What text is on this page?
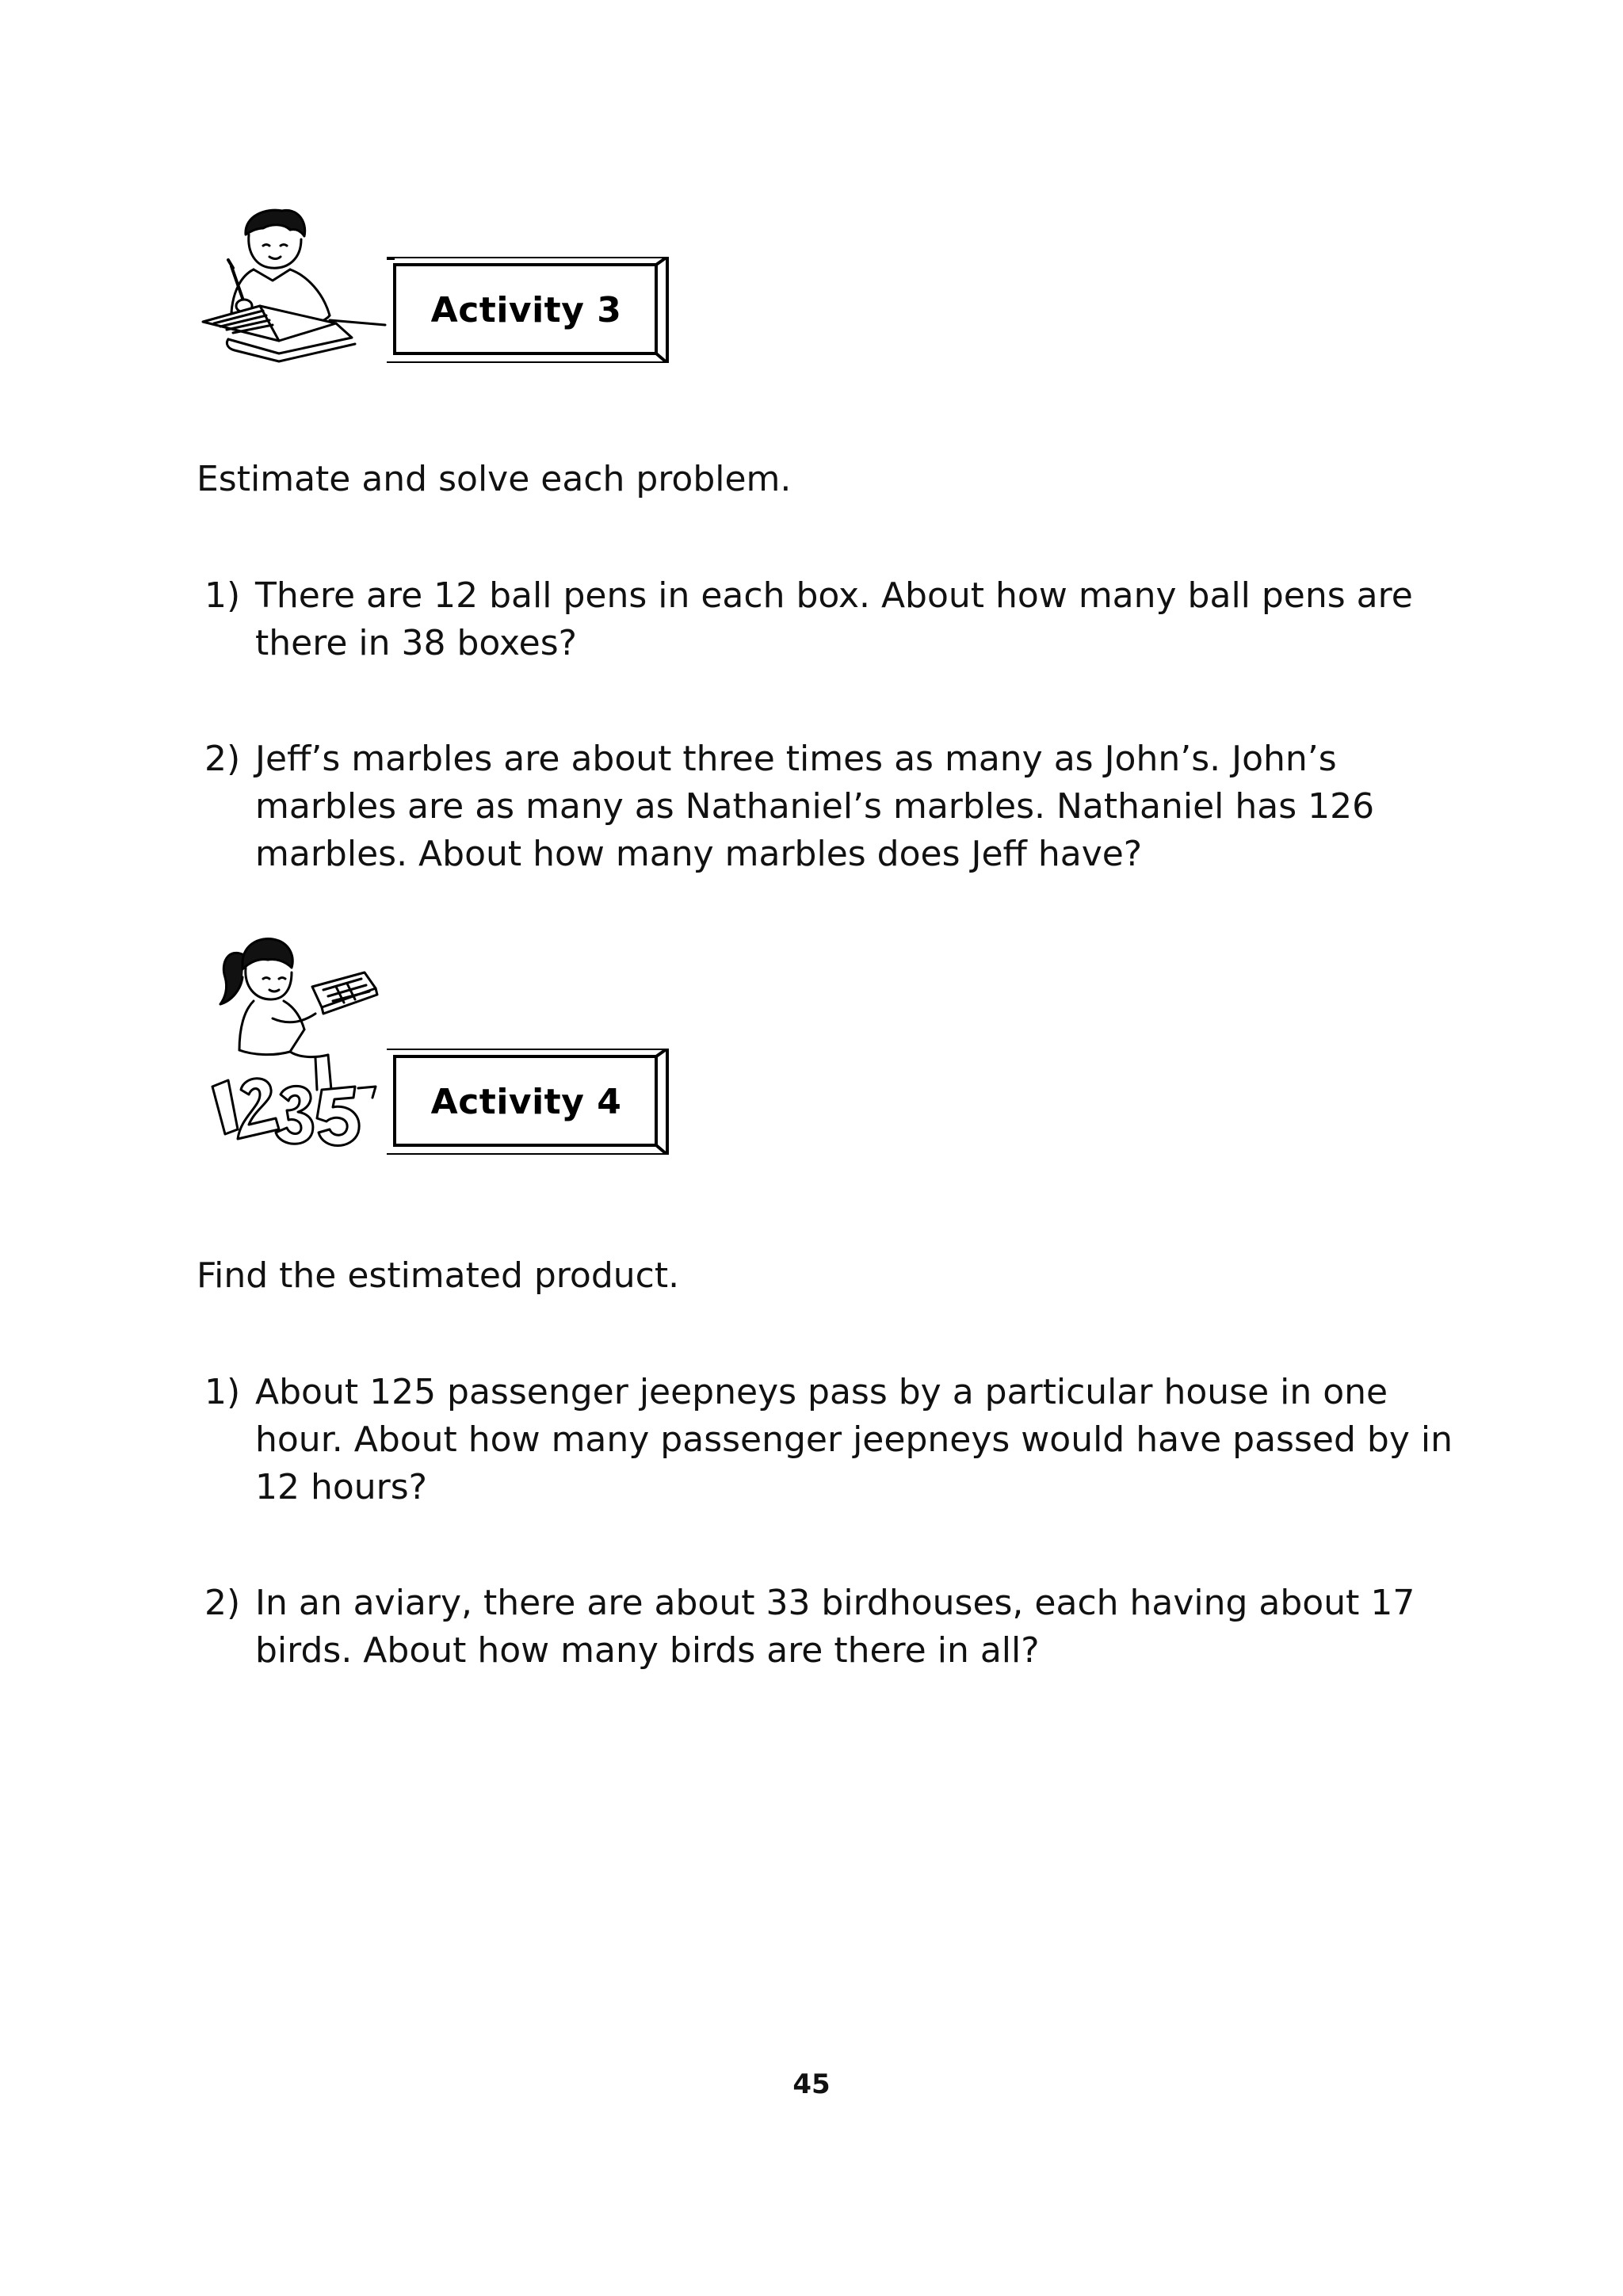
Activity 3
Estimate and solve each problem.
1) There are 12 ball pens in each box. About how many ball pens are there in 38 boxes?
2) Jeff’s marbles are about three times as many as John’s. John’s marbles are as many as Nathaniel’s marbles. Nathaniel has 126 marbles. About how many marbles does Jeff have?
Activity 4
Find the estimated product.
1) About 125 passenger jeepneys pass by a particular house in one hour. About how many passenger jeepneys would have passed by in 12 hours?
2) In an aviary, there are about 33 birdhouses, each having about 17 birds. About how many birds are there in all?
45
